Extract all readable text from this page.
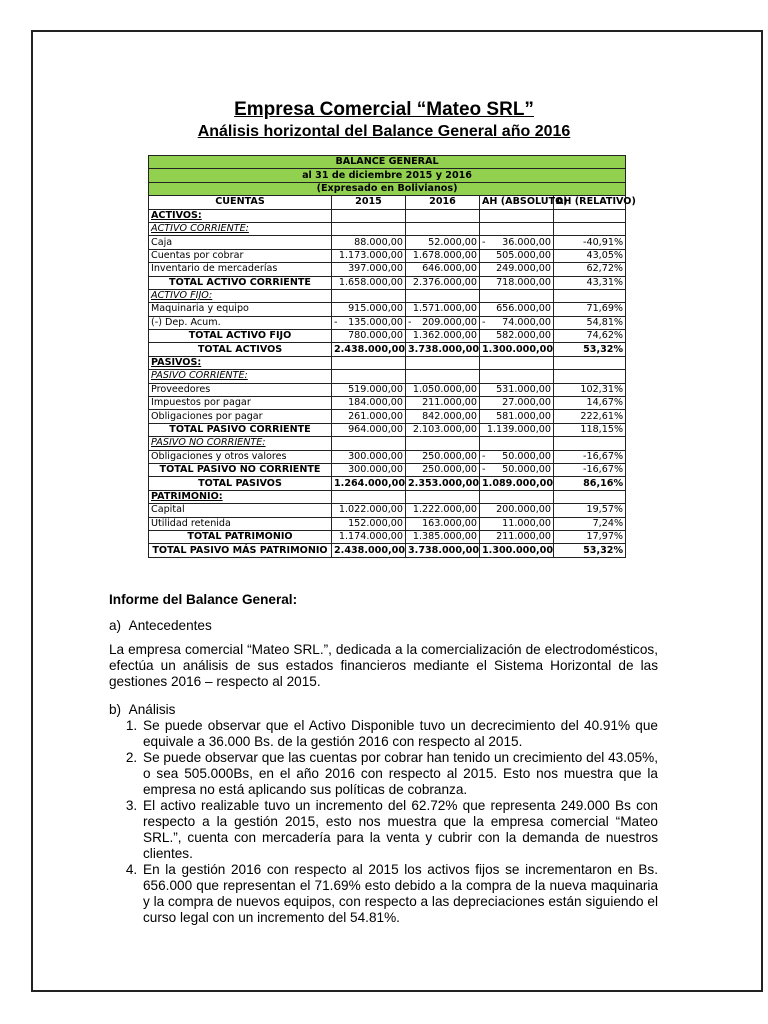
Empresa Comercial “Mateo SRL”
Análisis horizontal del Balance General año 2016
BALANCE GENERAL				
al 31 de diciembre 2015 y 2016				
(Expresado en Bolivianos)				
CUENTAS	2015	2016	AH (ABSOLUTO)	AH (RELATIVO)
ACTIVOS:				
ACTIVO CORRIENTE:				
Caja	88.000,00	52.000,00	- 36.000,00	-40,91%
Cuentas por cobrar	1.173.000,00	1.678.000,00	505.000,00	43,05%
Inventario de mercaderías	397.000,00	646.000,00	249.000,00	62,72%
TOTAL ACTIVO CORRIENTE	1.658.000,00	2.376.000,00	718.000,00	43,31%
ACTIVO FIJO:				
Maquinaria y equipo	915.000,00	1.571.000,00	656.000,00	71,69%
(-) Dep. Acum.	- 135.000,00	- 209.000,00	- 74.000,00	54,81%
TOTAL ACTIVO FIJO	780.000,00	1.362.000,00	582.000,00	74,62%
TOTAL ACTIVOS	2.438.000,00	3.738.000,00	1.300.000,00	53,32%
PASIVOS:				
PASIVO CORRIENTE:				
Proveedores	519.000,00	1.050.000,00	531.000,00	102,31%
Impuestos por pagar	184.000,00	211.000,00	27.000,00	14,67%
Obligaciones por pagar	261.000,00	842.000,00	581.000,00	222,61%
TOTAL PASIVO CORRIENTE	964.000,00	2.103.000,00	1.139.000,00	118,15%
PASIVO NO CORRIENTE:				
Obligaciones y otros valores	300.000,00	250.000,00	- 50.000,00	-16,67%
TOTAL PASIVO NO CORRIENTE	300.000,00	250.000,00	- 50.000,00	-16,67%
TOTAL PASIVOS	1.264.000,00	2.353.000,00	1.089.000,00	86,16%
PATRIMONIO:				
Capital	1.022.000,00	1.222.000,00	200.000,00	19,57%
Utilidad retenida	152.000,00	163.000,00	11.000,00	7,24%
TOTAL PATRIMONIO	1.174.000,00	1.385.000,00	211.000,00	17,97%
TOTAL PASIVO MÁS PATRIMONIO	2.438.000,00	3.738.000,00	1.300.000,00	53,32%
Informe del Balance General:
a)  Antecedentes
La empresa comercial “Mateo SRL.”, dedicada a la comercialización de electrodomésticos, efectúa un análisis de sus estados financieros mediante el Sistema Horizontal de las gestiones 2016 – respecto al 2015.
b)  Análisis
1. Se puede observar que el Activo Disponible tuvo un decrecimiento del 40.91% que equivale a 36.000 Bs. de la gestión 2016 con respecto al 2015.
2. Se puede observar que las cuentas por cobrar han tenido un crecimiento del 43.05%, o sea 505.000Bs, en el año 2016 con respecto al 2015. Esto nos muestra que la empresa no está aplicando sus políticas de cobranza.
3. El activo realizable tuvo un incremento del 62.72% que representa 249.000 Bs con respecto a la gestión 2015, esto nos muestra que la empresa comercial “Mateo SRL.”, cuenta con mercadería para la venta y cubrir con la demanda de nuestros clientes.
4. En la gestión 2016 con respecto al 2015 los activos fijos se incrementaron en Bs. 656.000 que representan el 71.69% esto debido a la compra de la nueva maquinaria y la compra de nuevos equipos, con respecto a las depreciaciones están siguiendo el curso legal con un incremento del 54.81%.
